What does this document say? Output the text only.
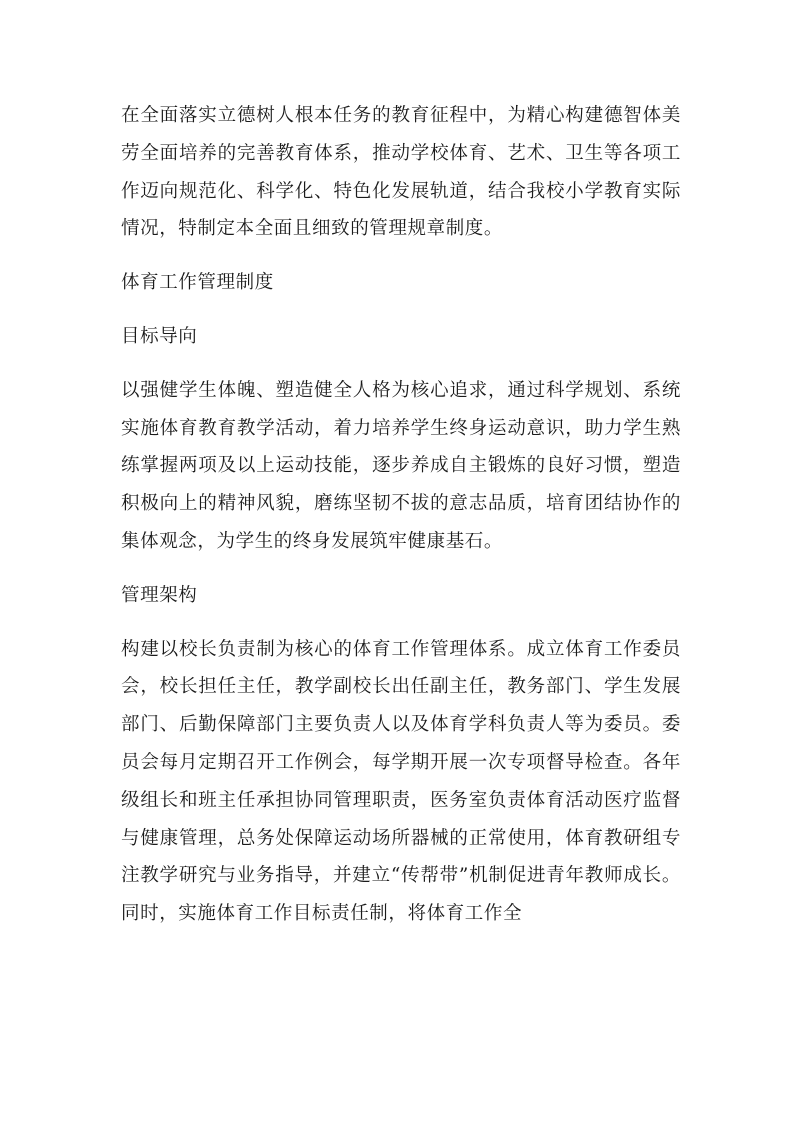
在全面落实立德树人根本任务的教育征程中，为精心构建德智体美劳全面培养的完善教育体系，推动学校体育、艺术、卫生等各项工作迈向规范化、科学化、特色化发展轨道，结合我校小学教育实际情况，特制定本全面且细致的管理规章制度。

体育工作管理制度

目标导向

以强健学生体魄、塑造健全人格为核心追求，通过科学规划、系统实施体育教育教学活动，着力培养学生终身运动意识，助力学生熟练掌握两项及以上运动技能，逐步养成自主锻炼的良好习惯，塑造积极向上的精神风貌，磨练坚韧不拔的意志品质，培育团结协作的集体观念，为学生的终身发展筑牢健康基石。

管理架构

构建以校长负责制为核心的体育工作管理体系。成立体育工作委员会，校长担任主任，教学副校长出任副主任，教务部门、学生发展部门、后勤保障部门主要负责人以及体育学科负责人等为委员。委员会每月定期召开工作例会，每学期开展一次专项督导检查。各年级组长和班主任承担协同管理职责，医务室负责体育活动医疗监督与健康管理，总务处保障运动场所器械的正常使用，体育教研组专注教学研究与业务指导，并建立“传帮带”机制促进青年教师成长。同时，实施体育工作目标责任制，将体育工作全
